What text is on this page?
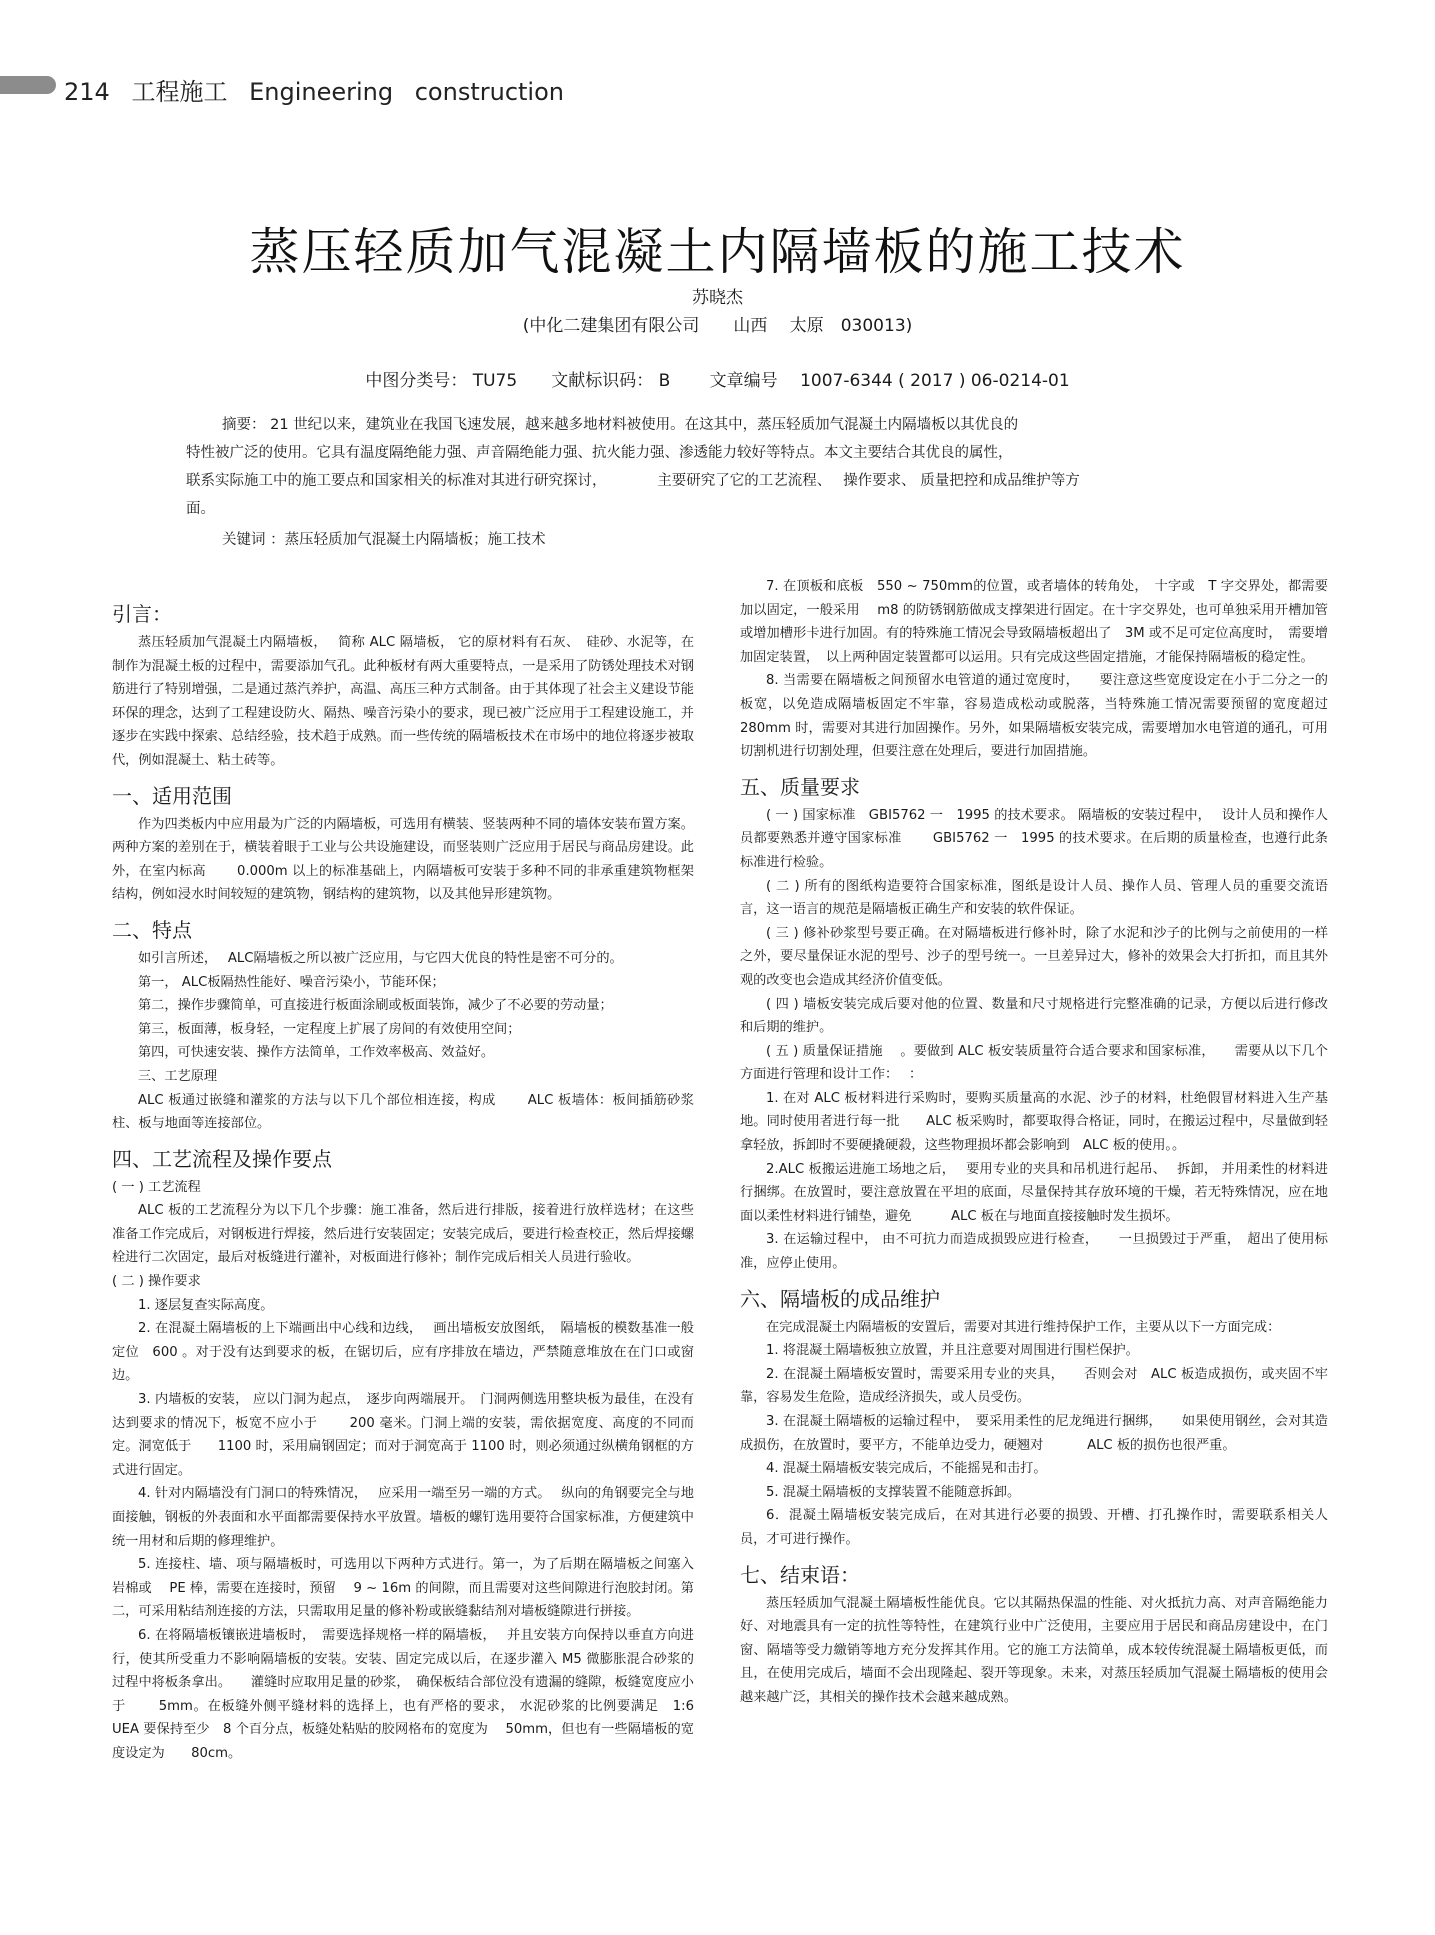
214 工程施工 Engineering construction
蒸压轻质加气混凝土内隔墙板的施工技术
苏晓杰
(中化二建集团有限公司　　山西　 太原　030013)
中图分类号： TU75　　文献标识码： B　　 文章编号　 1007-6344 ( 2017 ) 06-0214-01
摘要： 21 世纪以来，建筑业在我国飞速发展，越来越多地材料被使用。在这其中，蒸压轻质加气混凝土内隔墙板以其优良的
特性被广泛的使用。它具有温度隔绝能力强、声音隔绝能力强、抗火能力强、渗透能力较好等特点。本文主要结合其优良的属性，
联系实际施工中的施工要点和国家相关的标准对其进行研究探讨，　　　　主要研究了它的工艺流程、　 操作要求、 质量把控和成品维护等方
面。
关键词 ：蒸压轻质加气混凝土内隔墙板；施工技术
引言：

蒸压轻质加气混凝土内隔墙板，　 简称 ALC 隔墙板， 它的原材料有石灰、　硅砂、水泥等，在制作为混凝土板的过程中，需要添加气孔。此种板材有两大重要特点，一是采用了防锈处理技术对钢筋进行了特别增强，二是通过蒸汽养护，高温、高压三种方式制备。由于其体现了社会主义建设节能环保的理念，达到了工程建设防火、隔热、噪音污染小的要求，现已被广泛应用于工程建设施工，并逐步在实践中探索、总结经验，技术趋于成熟。而一些传统的隔墙板技术在市场中的地位将逐步被取代，例如混凝土、粘土砖等。

一、适用范围

作为四类板内中应用最为广泛的内隔墙板，可选用有横装、竖装两种不同的墙体安装布置方案。两种方案的差别在于，横装着眼于工业与公共设施建设，而竖装则广泛应用于居民与商品房建设。此外，在室内标高　　 0.000m 以上的标准基础上，内隔墙板可安装于多种不同的非承重建筑物框架结构，例如浸水时间较短的建筑物，钢结构的建筑物，以及其他异形建筑物。

二、特点

如引言所述，　 ALC隔墙板之所以被广泛应用，与它四大优良的特性是密不可分的。

第一， ALC板隔热性能好、噪音污染小，节能环保；

第二，操作步骤简单，可直接进行板面涂刷或板面装饰，减少了不必要的劳动量；

第三，板面薄，板身轻，一定程度上扩展了房间的有效使用空间；

第四，可快速安装、操作方法简单，工作效率极高、效益好。

三、工艺原理

ALC 板通过嵌缝和灌浆的方法与以下几个部位相连接，构成　　 ALC 板墙体：板间插筋砂浆柱、板与地面等连接部位。

四、工艺流程及操作要点
( 一 ) 工艺流程

ALC 板的工艺流程分为以下几个步骤：施工准备，然后进行排版，接着进行放样选材；在这些准备工作完成后，对钢板进行焊接，然后进行安装固定；安装完成后，要进行检查校正，然后焊接螺栓进行二次固定，最后对板缝进行灌补，对板面进行修补；制作完成后相关人员进行验收。

( 二 ) 操作要求

1. 逐层复查实际高度。

2. 在混凝土隔墙板的上下端画出中心线和边线，　 画出墙板安放图纸，　隔墙板的模数基准一般定位　600 。对于没有达到要求的板，在锯切后，应有序排放在墙边，严禁随意堆放在在门口或窗边。

3. 内墙板的安装， 应以门洞为起点，　逐步向两端展开。　门洞两侧选用整块板为最佳，在没有达到要求的情况下，板宽不应小于　　 200 毫米。门洞上端的安装，需依据宽度、高度的不同而定。洞宽低于　　1100 时，采用扁钢固定；而对于洞宽高于 1100 时，则必须通过纵横角钢框的方式进行固定。

4. 针对内隔墙没有门洞口的特殊情况，　 应采用一端至另一端的方式。　 纵向的角钢要完全与地面接触，钢板的外表面和水平面都需要保持水平放置。墙板的螺钉选用要符合国家标准，方便建筑中统一用材和后期的修理维护。

5. 连接柱、墙、项与隔墙板时，可选用以下两种方式进行。第一，为了后期在隔墙板之间塞入岩棉或　 PE 棒，需要在连接时，预留　 9 ~ 16m 的间隙，而且需要对这些间隙进行泡胶封闭。第二，可采用粘结剂连接的方法，只需取用足量的修补粉或嵌缝黏结剂对墙板缝隙进行拼接。

6. 在将隔墙板镶嵌进墙板时，　需要选择规格一样的隔墙板，　 并且安装方向保持以垂直方向进行，使其所受重力不影响隔墙板的安装。安装、固定完成以后，在逐步灌入 M5 微膨胀混合砂浆的过程中将板条拿出。　　灌缝时应取用足量的砂浆，　确保板结合部位没有遗漏的缝隙，板缝宽度应小于　　 5mm。在板缝外侧平缝材料的选择上，也有严格的要求， 水泥砂浆的比例要满足　1:6　UEA 要保持至少　8 个百分点，板缝处粘贴的胶网格布的宽度为　 50mm，但也有一些隔墙板的宽度设定为　　80cm。

7. 在顶板和底板　550 ~ 750mm的位置，或者墙体的转角处，　十字或　T 字交界处，都需要加以固定，一般采用　 m8 的防锈钢筋做成支撑架进行固定。在十字交界处，也可单独采用开槽加管或增加槽形卡进行加固。有的特殊施工情况会导致隔墙板超出了　3M 或不足可定位高度时，　需要增加固定装置，　以上两种固定装置都可以运用。只有完成这些固定措施，才能保持隔墙板的稳定性。

8. 当需要在隔墙板之间预留水电管道的通过宽度时，　　要注意这些宽度设定在小于二分之一的板宽，以免造成隔墙板固定不牢靠，容易造成松动或脱落，当特殊施工情况需要预留的宽度超过　　 280mm 时，需要对其进行加固操作。另外，如果隔墙板安装完成，需要增加水电管道的通孔，可用切割机进行切割处理，但要注意在处理后，要进行加固措施。

五、质量要求

( 一 ) 国家标准　GBI5762 一　1995 的技术要求。 隔墙板的安装过程中，　 设计人员和操作人员都要熟悉并遵守国家标准　　 GBI5762 一　1995 的技术要求。在后期的质量检查，也遵行此条标准进行检验。

( 二 ) 所有的图纸构造要符合国家标准，图纸是设计人员、操作人员、管理人员的重要交流语言，这一语言的规范是隔墙板正确生产和安装的软件保证。

( 三 ) 修补砂浆型号要正确。在对隔墙板进行修补时，除了水泥和沙子的比例与之前使用的一样之外，要尽量保证水泥的型号、沙子的型号统一。一旦差异过大，修补的效果会大打折扣，而且其外观的改变也会造成其经济价值变低。

( 四 ) 墙板安装完成后要对他的位置、数量和尺寸规格进行完整准确的记录，方便以后进行修改和后期的维护。

( 五 ) 质量保证措施　 。要做到 ALC 板安装质量符合适合要求和国家标准，　　需要从以下几个方面进行管理和设计工作：　 ：

1. 在对 ALC 板材料进行采购时，要购买质量高的水泥、沙子的材料，杜绝假冒材料进入生产基地。同时使用者进行每一批　　ALC 板采购时，都要取得合格证，同时，在搬运过程中，尽量做到轻拿轻放，拆卸时不要硬撬硬殺，这些物理损坏都会影响到　ALC 板的使用。。

2.ALC 板搬运进施工场地之后，　 要用专业的夹具和吊机进行起吊、　 拆卸， 并用柔性的材料进行捆绑。在放置时，要注意放置在平坦的底面，尽量保持其存放环境的干燥，若无特殊情况，应在地面以柔性材料进行铺垫，避免　　　ALC 板在与地面直接接触时发生损坏。

3. 在运输过程中， 由不可抗力而造成损毁应进行检查，　　一旦损毁过于严重，　超出了使用标准，应停止使用。

六、隔墙板的成品维护

在完成混凝土内隔墙板的安置后，需要对其进行维持保护工作，主要从以下一方面完成：

1. 将混凝土隔墙板独立放置，并且注意要对周围进行围栏保护。

2. 在混凝土隔墙板安置时，需要采用专业的夹具，　　否则会对　ALC 板造成损伤，或夹固不牢靠，容易发生危险，造成经济损失，或人员受伤。

3. 在混凝土隔墙板的运输过程中，　要采用柔性的尼龙绳进行捆绑，　　如果使用钢丝，会对其造成损伤，在放置时，要平方，不能单边受力，硬翘对　　　 ALC 板的损伤也很严重。

4. 混凝土隔墙板安装完成后，不能摇晃和击打。

5. 混凝土隔墙板的支撑装置不能随意拆卸。

6．混凝土隔墙板安装完成后，在对其进行必要的损毁、开槽、打孔操作时，需要联系相关人员，才可进行操作。

七、结束语：

蒸压轻质加气混凝土隔墙板性能优良。它以其隔热保温的性能、对火抵抗力高、对声音隔绝能力好、对地震具有一定的抗性等特性，在建筑行业中广泛使用，主要应用于居民和商品房建设中，在门窗、隔墙等受力繳销等地方充分发挥其作用。它的施工方法简单，成本较传统混凝土隔墙板更低，而且，在使用完成后，墙面不会出现隆起、裂开等现象。未来，对蒸压轻质加气混凝土隔墙板的使用会越来越广泛，其相关的操作技术会越来越成熟。
